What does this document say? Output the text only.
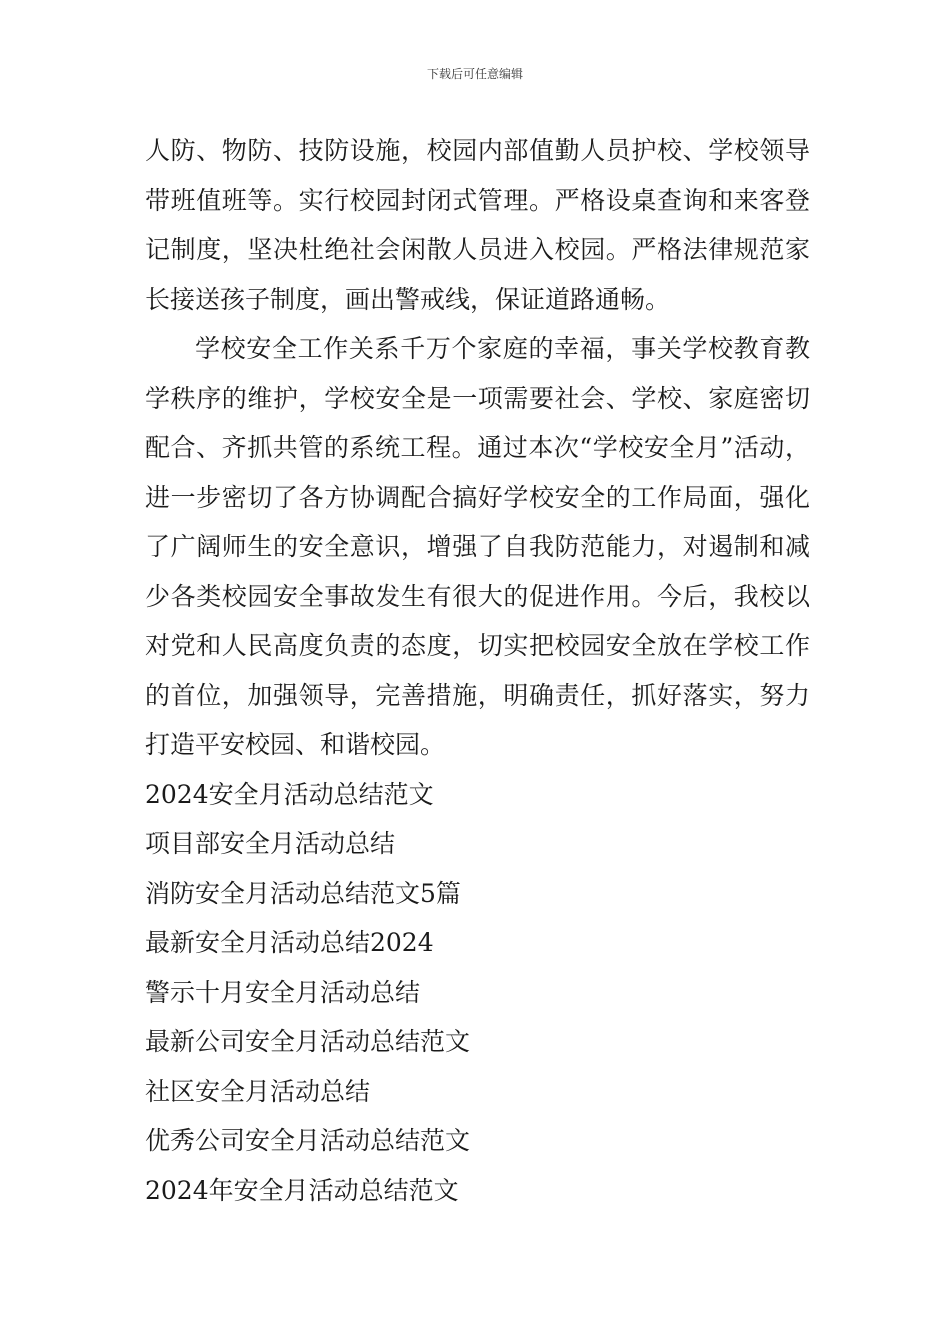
下载后可任意编辑

人防、物防、技防设施，校园内部值勤人员护校、学校领导带班值班等。实行校园封闭式管理。严格设桌查询和来客登记制度，坚决杜绝社会闲散人员进入校园。严格法律规范家长接送孩子制度，画出警戒线，保证道路通畅。

学校安全工作关系千万个家庭的幸福，事关学校教育教学秩序的维护，学校安全是一项需要社会、学校、家庭密切配合、齐抓共管的系统工程。通过本次“学校安全月”活动，进一步密切了各方协调配合搞好学校安全的工作局面，强化了广阔师生的安全意识，增强了自我防范能力，对遏制和减少各类校园安全事故发生有很大的促进作用。今后，我校以对党和人民高度负责的态度，切实把校园安全放在学校工作的首位，加强领导，完善措施，明确责任，抓好落实，努力打造平安校园、和谐校园。

2024安全月活动总结范文
项目部安全月活动总结
消防安全月活动总结范文5篇
最新安全月活动总结2024
警示十月安全月活动总结
最新公司安全月活动总结范文
社区安全月活动总结
优秀公司安全月活动总结范文
2024年安全月活动总结范文
